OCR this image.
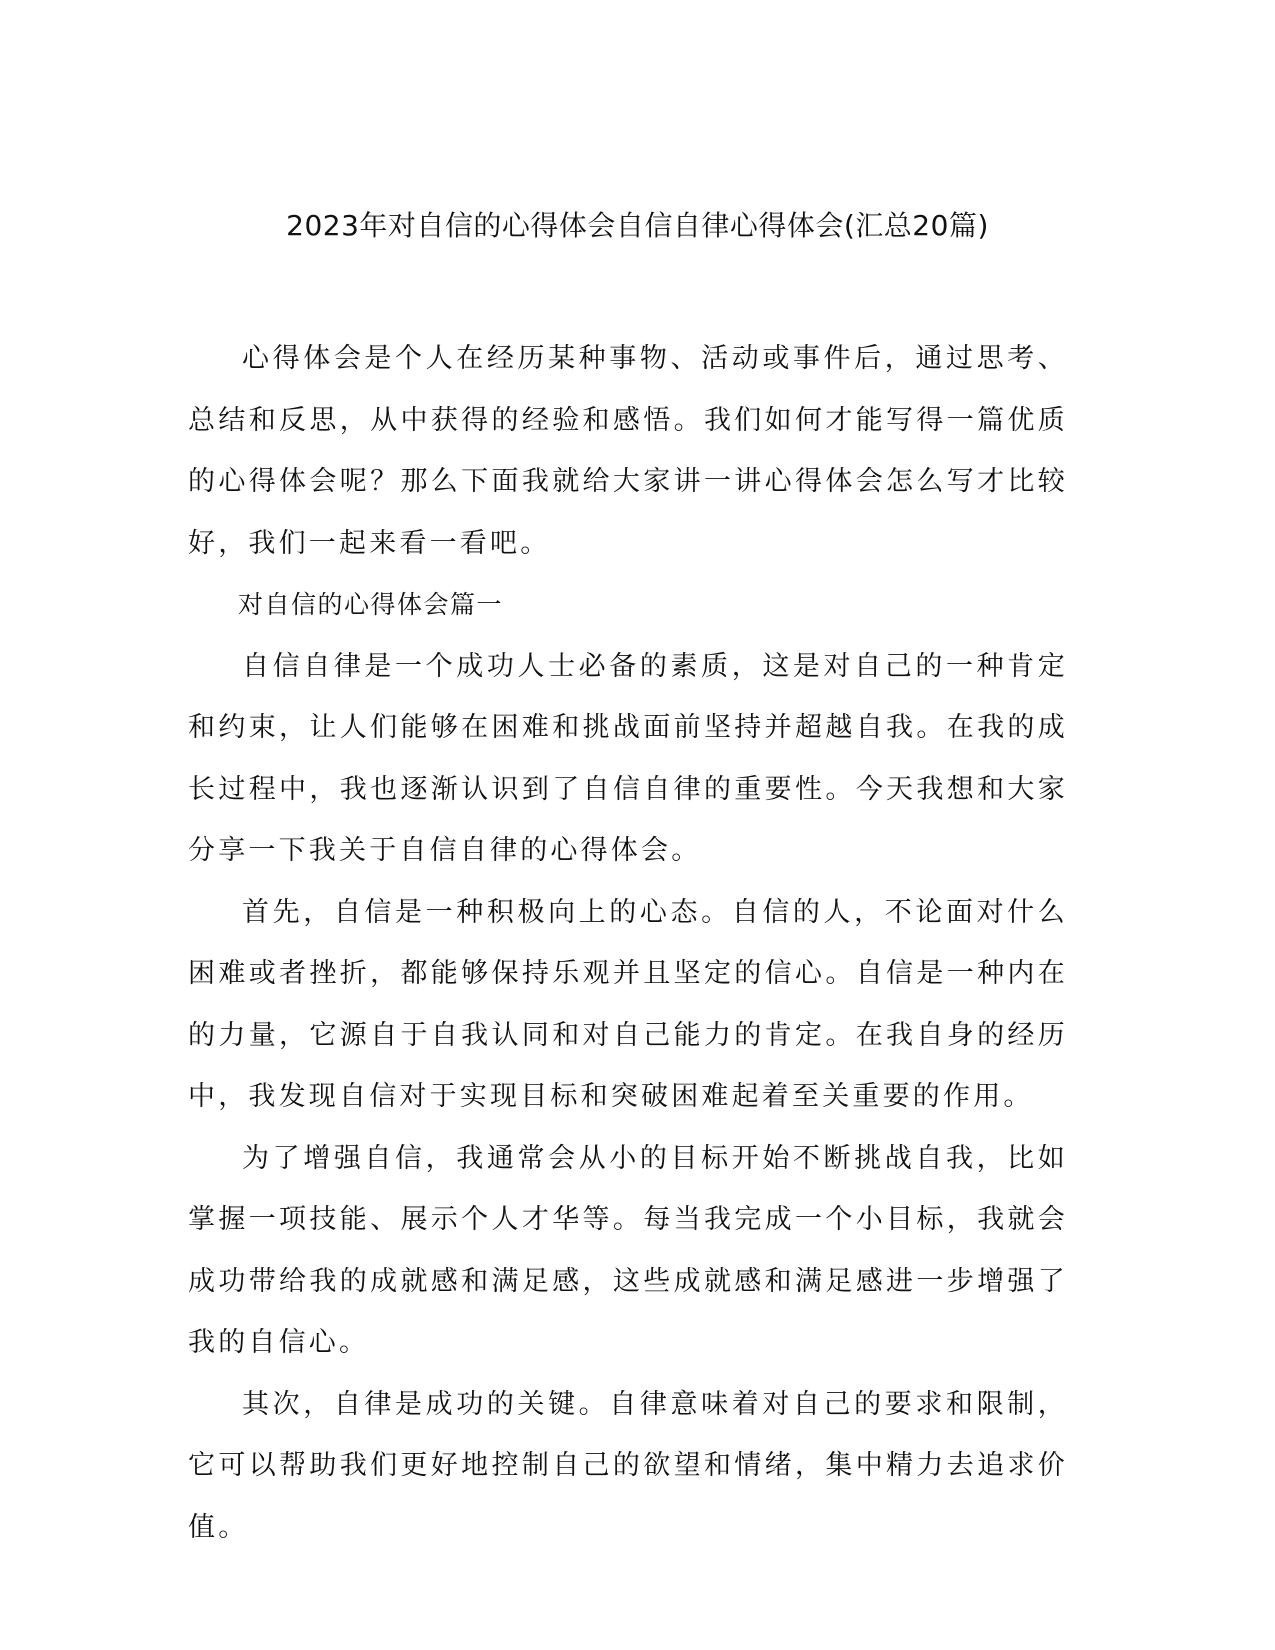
2023年对自信的心得体会自信自律心得体会(汇总20篇)

心得体会是个人在经历某种事物、活动或事件后，通过思考、总结和反思，从中获得的经验和感悟。我们如何才能写得一篇优质的心得体会呢？那么下面我就给大家讲一讲心得体会怎么写才比较好，我们一起来看一看吧。

对自信的心得体会篇一

自信自律是一个成功人士必备的素质，这是对自己的一种肯定和约束，让人们能够在困难和挑战面前坚持并超越自我。在我的成长过程中，我也逐渐认识到了自信自律的重要性。今天我想和大家分享一下我关于自信自律的心得体会。

首先，自信是一种积极向上的心态。自信的人，不论面对什么困难或者挫折，都能够保持乐观并且坚定的信心。自信是一种内在的力量，它源自于自我认同和对自己能力的肯定。在我自身的经历中，我发现自信对于实现目标和突破困难起着至关重要的作用。

为了增强自信，我通常会从小的目标开始不断挑战自我，比如掌握一项技能、展示个人才华等。每当我完成一个小目标，我就会成功带给我的成就感和满足感，这些成就感和满足感进一步增强了我的自信心。

其次，自律是成功的关键。自律意味着对自己的要求和限制，它可以帮助我们更好地控制自己的欲望和情绪，集中精力去追求价值。
